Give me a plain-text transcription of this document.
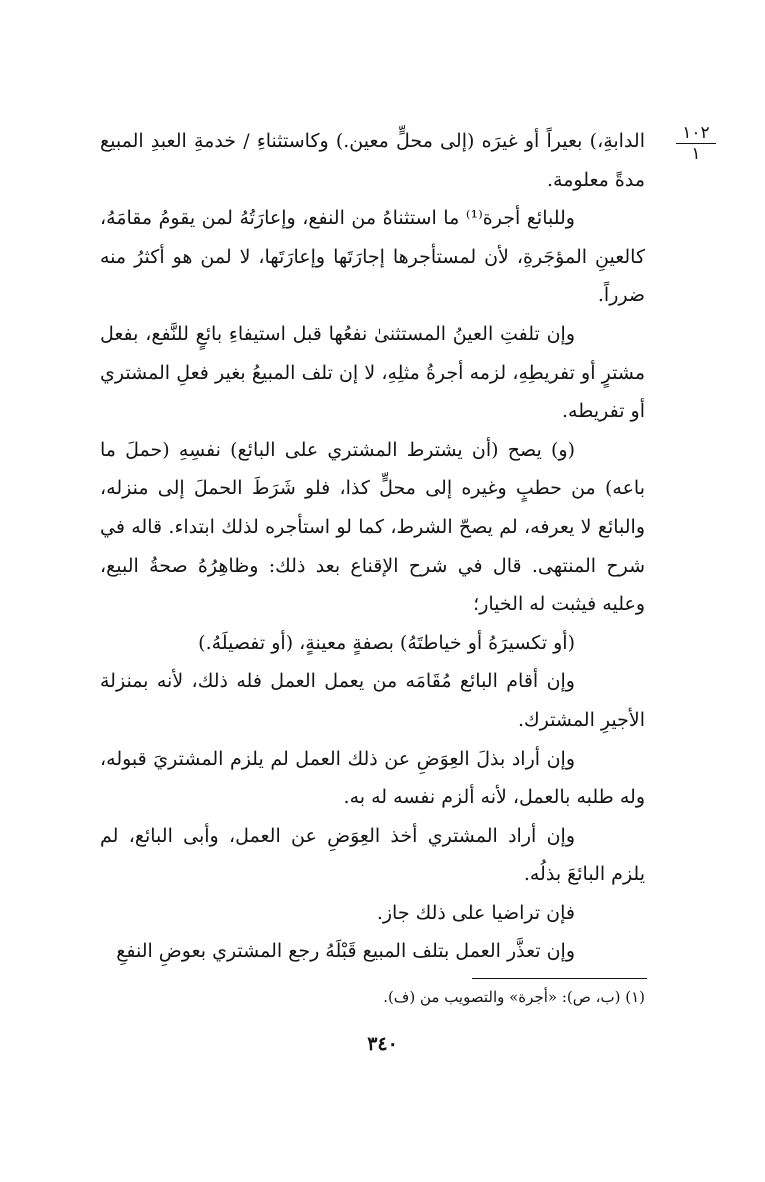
١٠٢
١

الدابةِ،) بعيراً أو غيرَه (إلى محلٍّ معين.) وكاستثناءِ / خدمةِ العبدِ المبيع مدةً معلومة.

وللبائع أجرة⁽¹⁾ ما استثناهُ من النفع، وإعارَتُهُ لمن يقومُ مقامَهُ، كالعينِ المؤجَرةِ، لأن لمستأجرها إجارَتَها وإعارَتَها، لا لمن هو أكثرُ منه ضرراً.

وإن تلفتِ العينُ المستثنىٰ نفعُها قبل استيفاءِ بائعٍ للنَّفع، بفعل مشترٍ أو تفريطِهِ، لزمه أجرةُ مثلِهِ، لا إن تلف المبيعُ بغير فعلِ المشتري أو تفريطه.

(و) يصح (أن يشترط المشتري على البائع) نفسِهِ (حملَ ما باعه) من حطبٍ وغيره إلى محلٍّ كذا، فلو شَرَطَ الحملَ إلى منزله، والبائع لا يعرفه، لم يصحّ الشرط، كما لو استأجره لذلك ابتداء. قاله في شرح المنتهى. قال في شرح الإقناع بعد ذلك: وظاهِرُهُ صحةُ البيع، وعليه فيثبت له الخيار؛

(أو تكسيرَهُ أو خياطتَهُ) بصفةٍ معينةٍ، (أو تفصيلَهُ.)

وإن أقام البائع مُقَامَه من يعمل العمل فله ذلك، لأنه بمنزلة الأجيرِ المشترك.

وإن أراد بذلَ العِوَضِ عن ذلك العمل لم يلزم المشتريَ قبوله، وله طلبه بالعمل، لأنه ألزم نفسه له به.

وإن أراد المشتري أخذ العِوَضِ عن العمل، وأبى البائع، لم يلزم البائعَ بذلُه.

فإن تراضيا على ذلك جاز.

وإن تعذَّر العمل بتلف المبيع قَبْلَهُ رجع المشتري بعوضِ النفعِ

(١) (ب، ص): «أجرة» والتصويب من (ف).
٣٤٠
